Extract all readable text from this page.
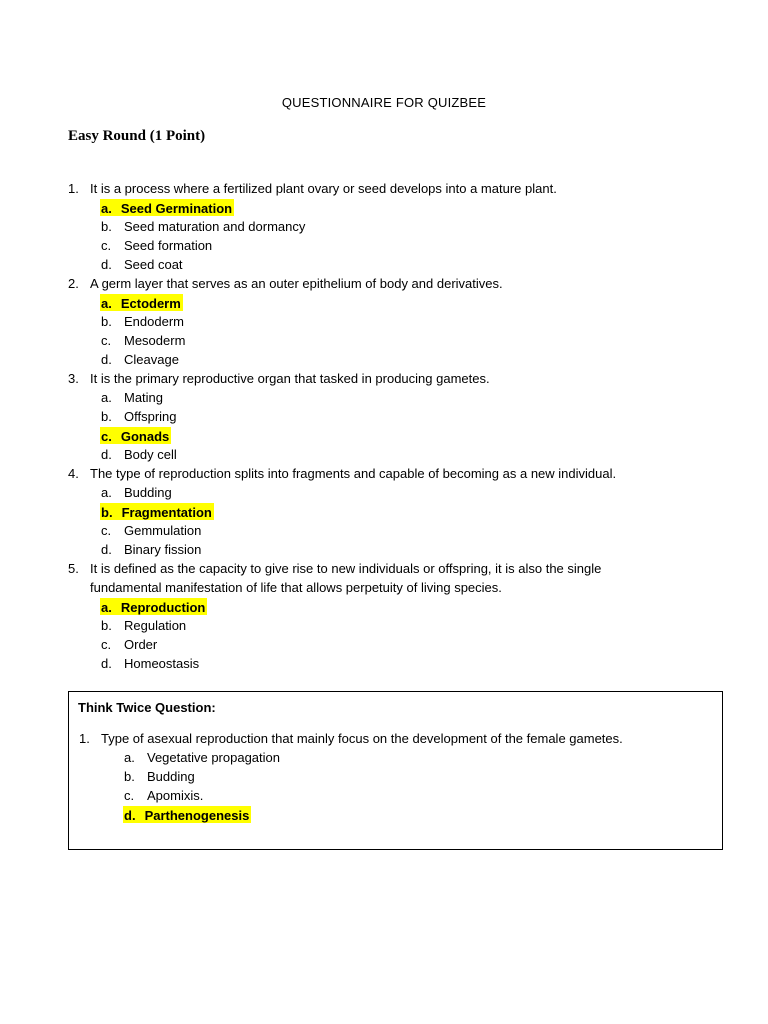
QUESTIONNAIRE FOR QUIZBEE
Easy Round (1 Point)
1. It is a process where a fertilized plant ovary or seed develops into a mature plant.
a. Seed Germination
b. Seed maturation and dormancy
c. Seed formation
d. Seed coat
2. A germ layer that serves as an outer epithelium of body and derivatives.
a. Ectoderm
b. Endoderm
c. Mesoderm
d. Cleavage
3. It is the primary reproductive organ that tasked in producing gametes.
a. Mating
b. Offspring
c. Gonads
d. Body cell
4. The type of reproduction splits into fragments and capable of becoming as a new individual.
a. Budding
b. Fragmentation
c. Gemmulation
d. Binary fission
5. It is defined as the capacity to give rise to new individuals or offspring, it is also the single fundamental manifestation of life that allows perpetuity of living species.
a. Reproduction
b. Regulation
c. Order
d. Homeostasis
Think Twice Question:
1. Type of asexual reproduction that mainly focus on the development of the female gametes.
a. Vegetative propagation
b. Budding
c. Apomixis.
d. Parthenogenesis
